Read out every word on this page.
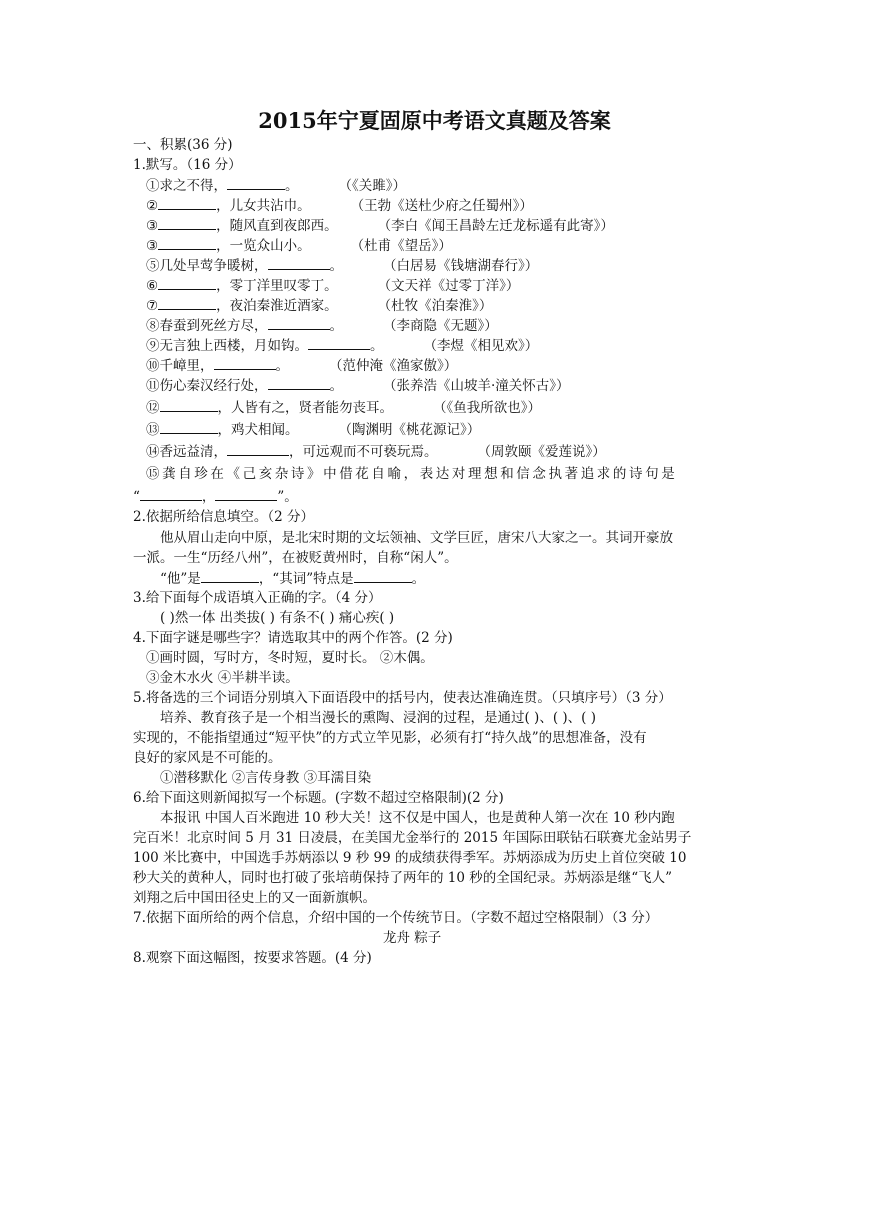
2015年宁夏固原中考语文真题及答案
一、积累(36 分)
1.默写。（16 分）
①求之不得，	。	（《关雎》）
②	，儿女共沾巾。	（王勃《送杜少府之任蜀州》）
③	，随风直到夜郎西。	（李白《闻王昌龄左迁龙标遥有此寄》）
③	，一览众山小。	（杜甫《望岳》）
⑤几处早莺争暖树，	。	（白居易《钱塘湖春行》）
⑥	，零丁洋里叹零丁。	（文天祥《过零丁洋》）
⑦	，夜泊秦淮近酒家。	（杜牧《泊秦淮》）
⑧春蚕到死丝方尽，	。	（李商隐《无题》）
⑨无言独上西楼，月如钩。	。	（李煜《相见欢》）
⑩千嶂里，	。	（范仲淹《渔家傲》）
⑪伤心秦汉经行处，	。	（张养浩《山坡羊·潼关怀古》）
⑫	，人皆有之，贤者能勿丧耳。	（《鱼我所欲也》）
⑬	，鸡犬相闻。	（陶渊明《桃花源记》）
⑭香远益清，	，可远观而不可亵玩焉。	（周敦颐《爱莲说》）
⑮龚自珍在《己亥杂诗》中借花自喻，表达对理想和信念执著追求的诗句是
“	，	”。
2.依据所给信息填空。（2 分）
他从眉山走向中原，是北宋时期的文坛领袖、文学巨匠，唐宋八大家之一。其词开豪放
一派。一生“历经八州”，在被贬黄州时，自称“闲人”。
“他”是	，“其词”特点是	。
3.给下面每个成语填入正确的字。（4 分）
( )然一体 出类拔( ) 有条不( ) 痛心疾( )
4.下面字谜是哪些字？请选取其中的两个作答。(2 分)
①画时圆，写时方，冬时短，夏时长。 ②木偶。
③金木水火 ④半耕半读。
5.将备选的三个词语分别填入下面语段中的括号内，使表达准确连贯。（只填序号）（3 分）
培养、教育孩子是一个相当漫长的熏陶、浸润的过程，是通过( )、( )、( )
实现的，不能指望通过“短平快”的方式立竿见影，必须有打“持久战”的思想准备，没有
良好的家风是不可能的。
①潜移默化 ②言传身教 ③耳濡目染
6.给下面这则新闻拟写一个标题。(字数不超过空格限制)(2 分)
本报讯 中国人百米跑进 10 秒大关！这不仅是中国人，也是黄种人第一次在 10 秒内跑
完百米！北京时间 5 月 31 日凌晨，在美国尤金举行的 2015 年国际田联钻石联赛尤金站男子
100 米比赛中，中国选手苏炳添以 9 秒 99 的成绩获得季军。苏炳添成为历史上首位突破 10
秒大关的黄种人，同时也打破了张培萌保持了两年的 10 秒的全国纪录。苏炳添是继“飞人”
刘翔之后中国田径史上的又一面新旗帜。
7.依据下面所给的两个信息，介绍中国的一个传统节日。（字数不超过空格限制）（3 分）
龙舟 粽子
8.观察下面这幅图，按要求答题。(4 分)
